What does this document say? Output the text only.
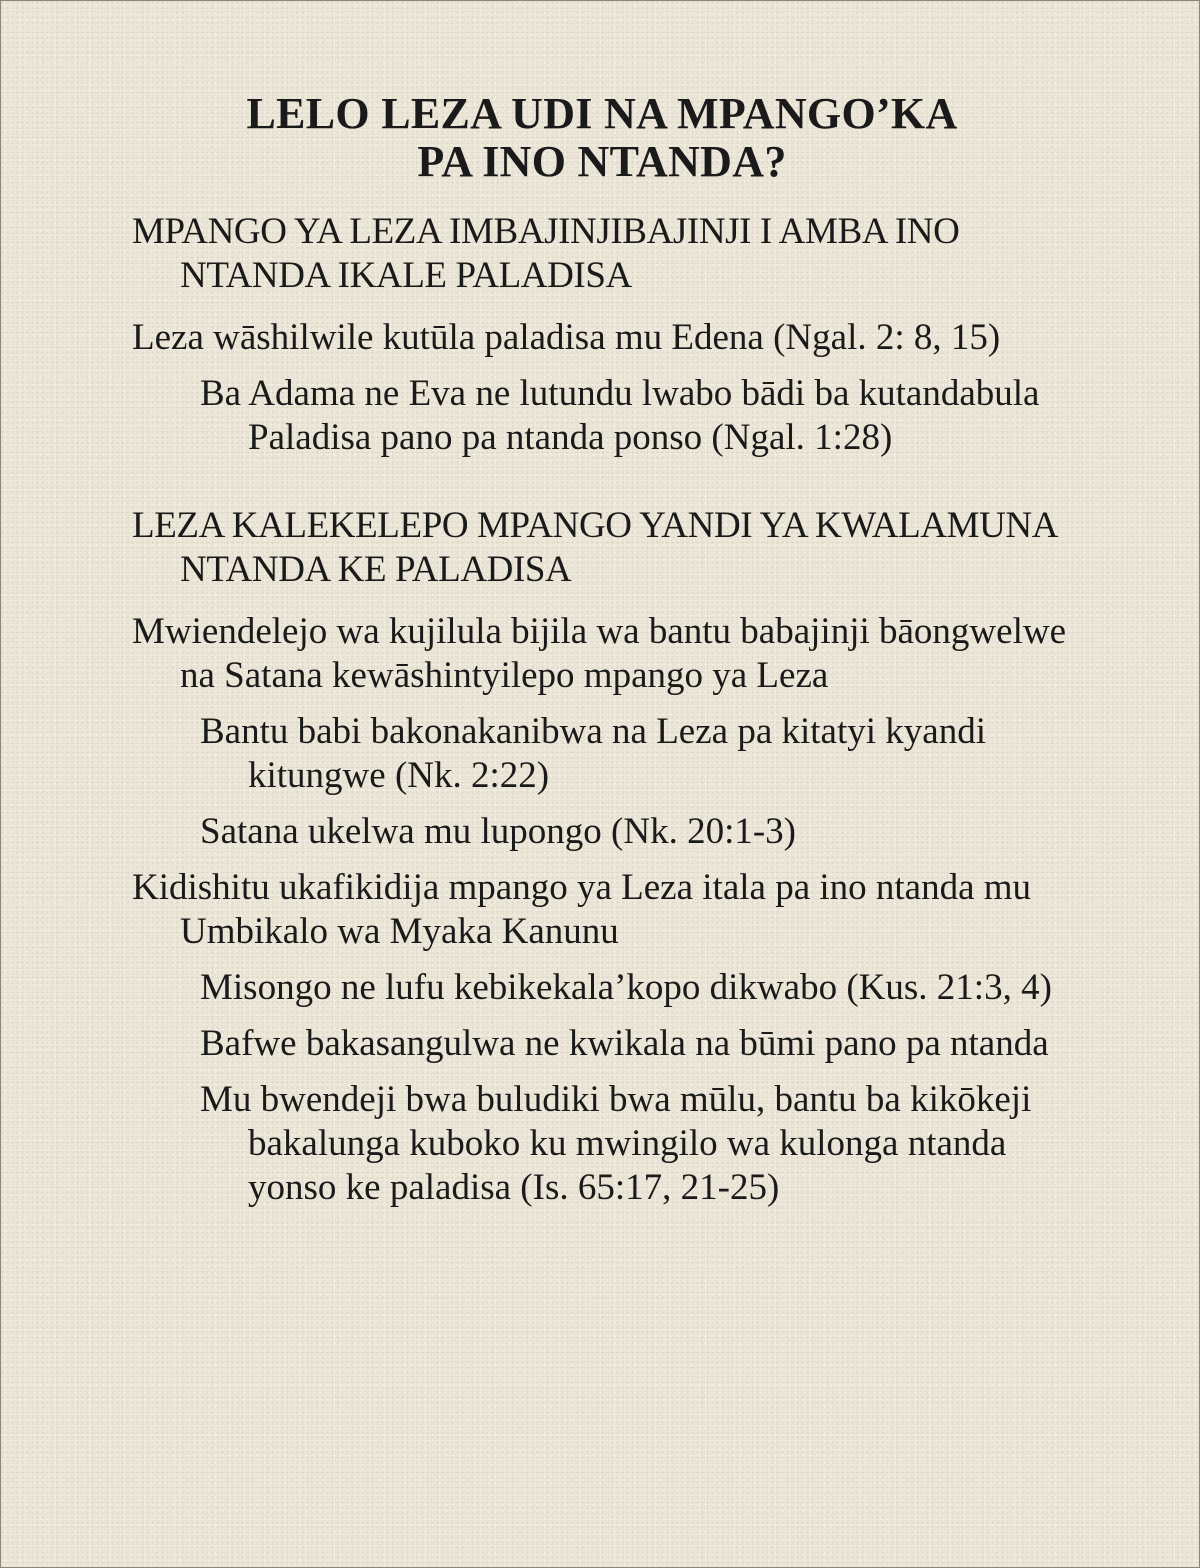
LELO LEZA UDI NA MPANGO’KA
PA INO NTANDA?

MPANGO YA LEZA IMBAJINJIBAJINJI I AMBA INO NTANDA IKALE PALADISA

Leza wāshilwile kutūla paladisa mu Edena (Ngal. 2: 8, 15)

Ba Adama ne Eva ne lutundu lwabo bādi ba kutandabula Paladisa pano pa ntanda ponso (Ngal. 1:28)

LEZA KALEKELEPO MPANGO YANDI YA KWALAMUNA NTANDA KE PALADISA

Mwiendelejo wa kujilula bijila wa bantu babajinji bāongwelwe na Satana kewāshintyilepo mpango ya Leza

Bantu babi bakonakanibwa na Leza pa kitatyi kyandi kitungwe (Nk. 2:22)

Satana ukelwa mu lupongo (Nk. 20:1-3)

Kidishitu ukafikidija mpango ya Leza itala pa ino ntanda mu Umbikalo wa Myaka Kanunu

Misongo ne lufu kebikekala’kopo dikwabo (Kus. 21:3, 4)

Bafwe bakasangulwa ne kwikala na būmi pano pa ntanda

Mu bwendeji bwa buludiki bwa mūlu, bantu ba kikōkeji bakalunga kuboko ku mwingilo wa kulonga ntanda yonso ke paladisa (Is. 65:17, 21-25)
